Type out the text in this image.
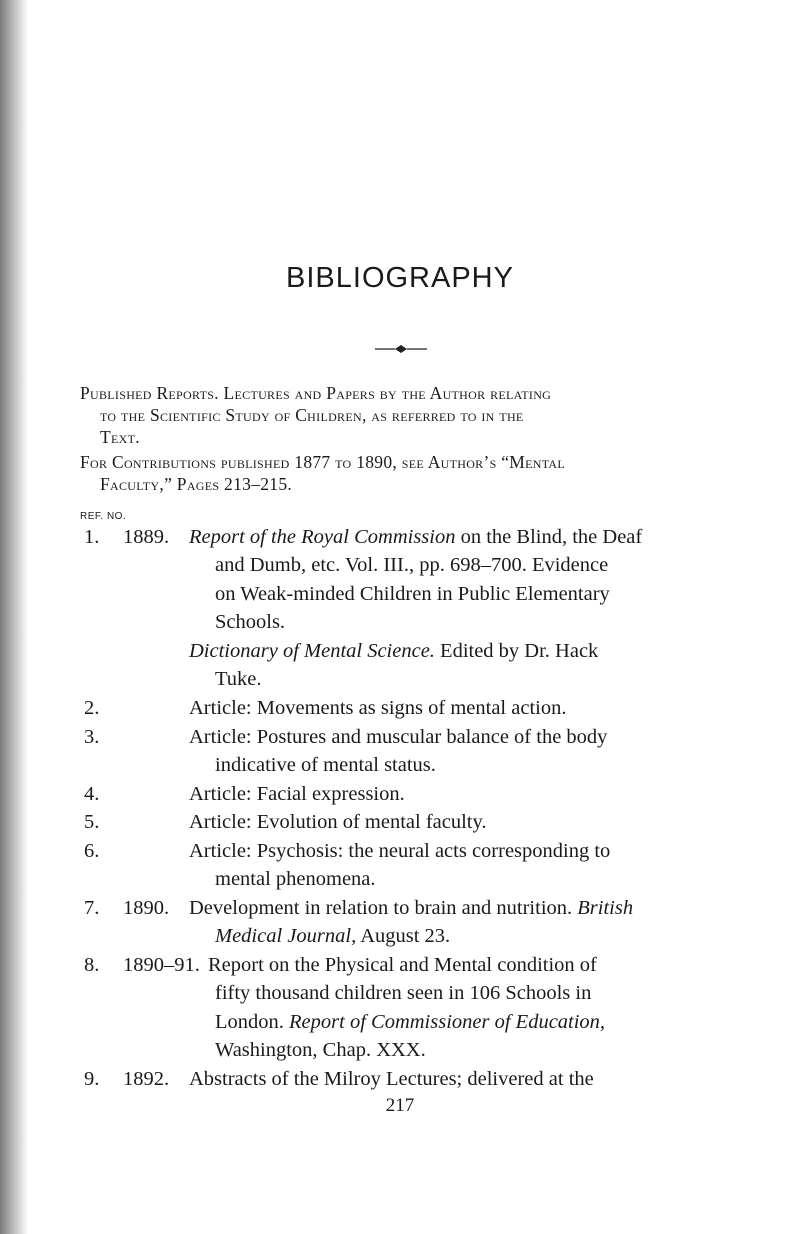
BIBLIOGRAPHY
Published Reports. Lectures and Papers by the Author relating
to the Scientific Study of Children, as referred to in the
Text.
For Contributions published 1877 to 1890, see Author’s “Mental
Faculty,” Pages 213–215.
REF. NO.
1. 1889. Report of the Royal Commission on the Blind, the Deaf
and Dumb, etc. Vol. III., pp. 698–700. Evidence
on Weak-minded Children in Public Elementary
Schools.
Dictionary of Mental Science. Edited by Dr. Hack
Tuke.
2.	Article: Movements as signs of mental action.
3.	Article: Postures and muscular balance of the body
indicative of mental status.
4.	Article: Facial expression.
5.	Article: Evolution of mental faculty.
6.	Article: Psychosis: the neural acts corresponding to
mental phenomena.
7. 1890. Development in relation to brain and nutrition. British
Medical Journal, August 23.
8. 1890–91. Report on the Physical and Mental condition of
fifty thousand children seen in 106 Schools in
London. Report of Commissioner of Education,
Washington, Chap. XXX.
9. 1892. Abstracts of the Milroy Lectures; delivered at the
217
